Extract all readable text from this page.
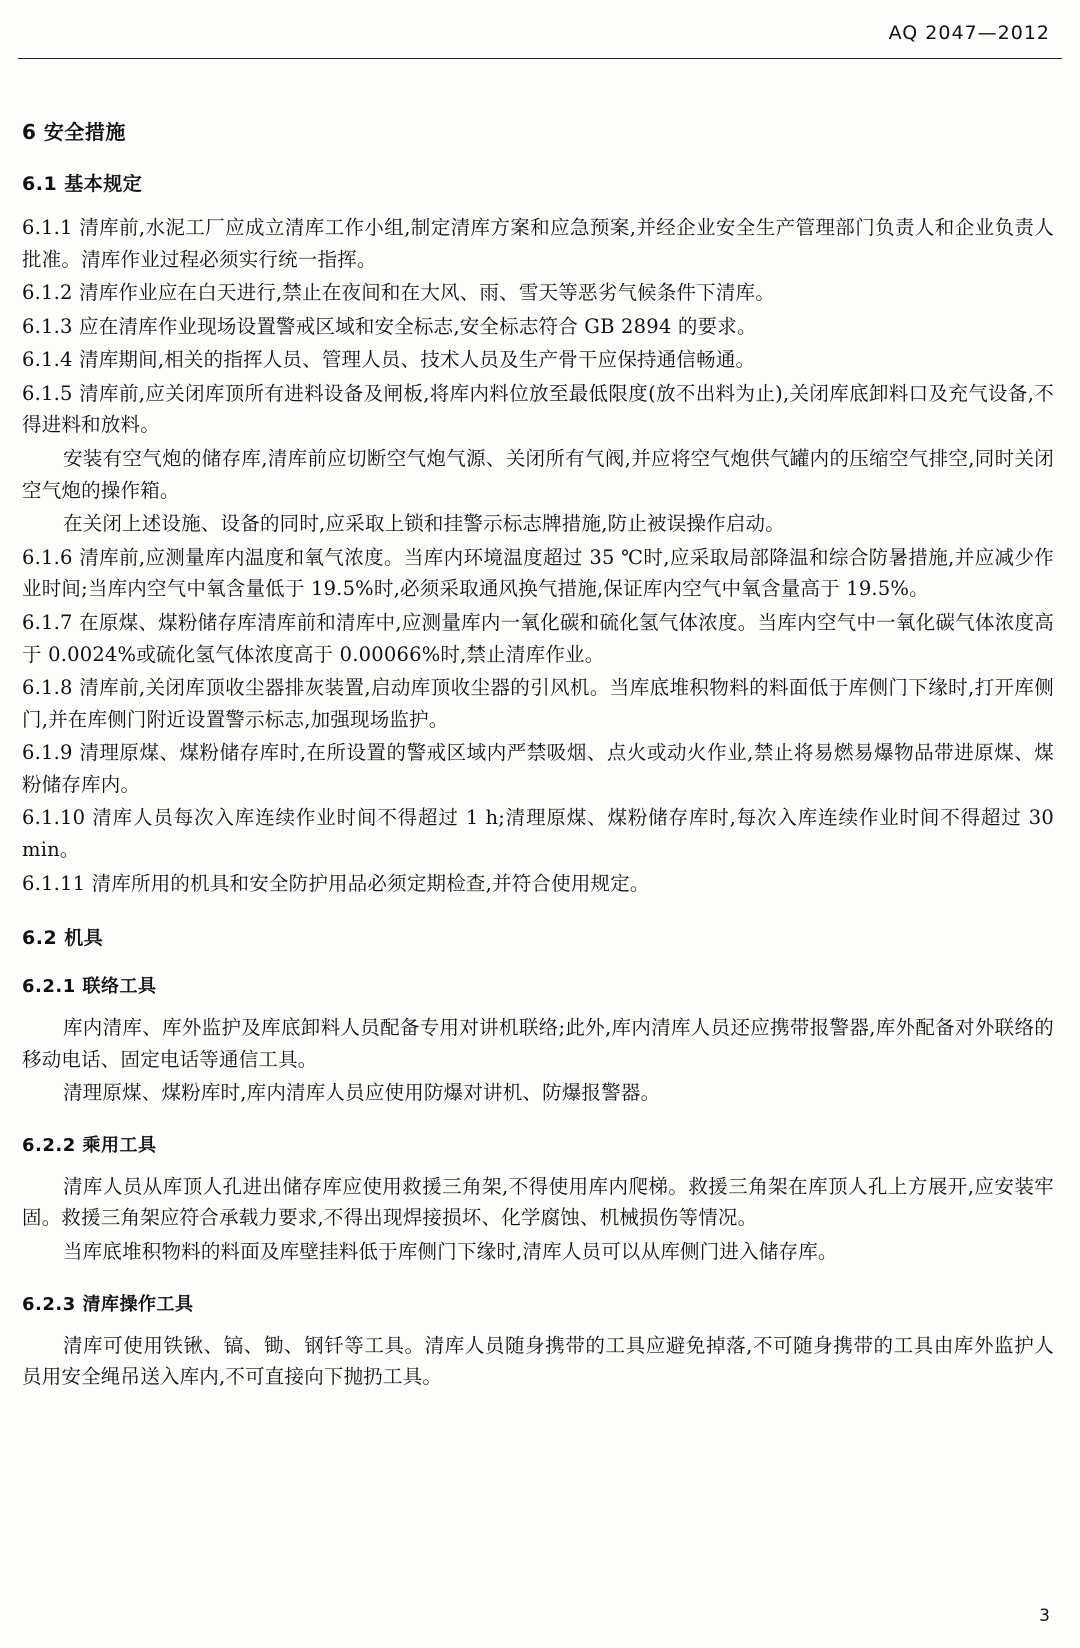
AQ 2047—2012
6 安全措施
6.1 基本规定

6.1.1 清库前,水泥工厂应成立清库工作小组,制定清库方案和应急预案,并经企业安全生产管理部门负责人和企业负责人批准。清库作业过程必须实行统一指挥。

6.1.2 清库作业应在白天进行,禁止在夜间和在大风、雨、雪天等恶劣气候条件下清库。

6.1.3 应在清库作业现场设置警戒区域和安全标志,安全标志符合 GB 2894 的要求。

6.1.4 清库期间,相关的指挥人员、管理人员、技术人员及生产骨干应保持通信畅通。

6.1.5 清库前,应关闭库顶所有进料设备及闸板,将库内料位放至最低限度(放不出料为止),关闭库底卸料口及充气设备,不得进料和放料。

安装有空气炮的储存库,清库前应切断空气炮气源、关闭所有气阀,并应将空气炮供气罐内的压缩空气排空,同时关闭空气炮的操作箱。

在关闭上述设施、设备的同时,应采取上锁和挂警示标志牌措施,防止被误操作启动。

6.1.6 清库前,应测量库内温度和氧气浓度。当库内环境温度超过 35 ℃时,应采取局部降温和综合防暑措施,并应减少作业时间;当库内空气中氧含量低于 19.5%时,必须采取通风换气措施,保证库内空气中氧含量高于 19.5%。

6.1.7 在原煤、煤粉储存库清库前和清库中,应测量库内一氧化碳和硫化氢气体浓度。当库内空气中一氧化碳气体浓度高于 0.0024%或硫化氢气体浓度高于 0.00066%时,禁止清库作业。

6.1.8 清库前,关闭库顶收尘器排灰装置,启动库顶收尘器的引风机。当库底堆积物料的料面低于库侧门下缘时,打开库侧门,并在库侧门附近设置警示标志,加强现场监护。

6.1.9 清理原煤、煤粉储存库时,在所设置的警戒区域内严禁吸烟、点火或动火作业,禁止将易燃易爆物品带进原煤、煤粉储存库内。

6.1.10 清库人员每次入库连续作业时间不得超过 1 h;清理原煤、煤粉储存库时,每次入库连续作业时间不得超过 30 min。

6.1.11 清库所用的机具和安全防护用品必须定期检查,并符合使用规定。

6.2 机具
6.2.1 联络工具

库内清库、库外监护及库底卸料人员配备专用对讲机联络;此外,库内清库人员还应携带报警器,库外配备对外联络的移动电话、固定电话等通信工具。

清理原煤、煤粉库时,库内清库人员应使用防爆对讲机、防爆报警器。

6.2.2 乘用工具

清库人员从库顶人孔进出储存库应使用救援三角架,不得使用库内爬梯。救援三角架在库顶人孔上方展开,应安装牢固。救援三角架应符合承载力要求,不得出现焊接损坏、化学腐蚀、机械损伤等情况。

当库底堆积物料的料面及库壁挂料低于库侧门下缘时,清库人员可以从库侧门进入储存库。

6.2.3 清库操作工具

清库可使用铁锹、镐、锄、钢钎等工具。清库人员随身携带的工具应避免掉落,不可随身携带的工具由库外监护人员用安全绳吊送入库内,不可直接向下抛扔工具。

3
